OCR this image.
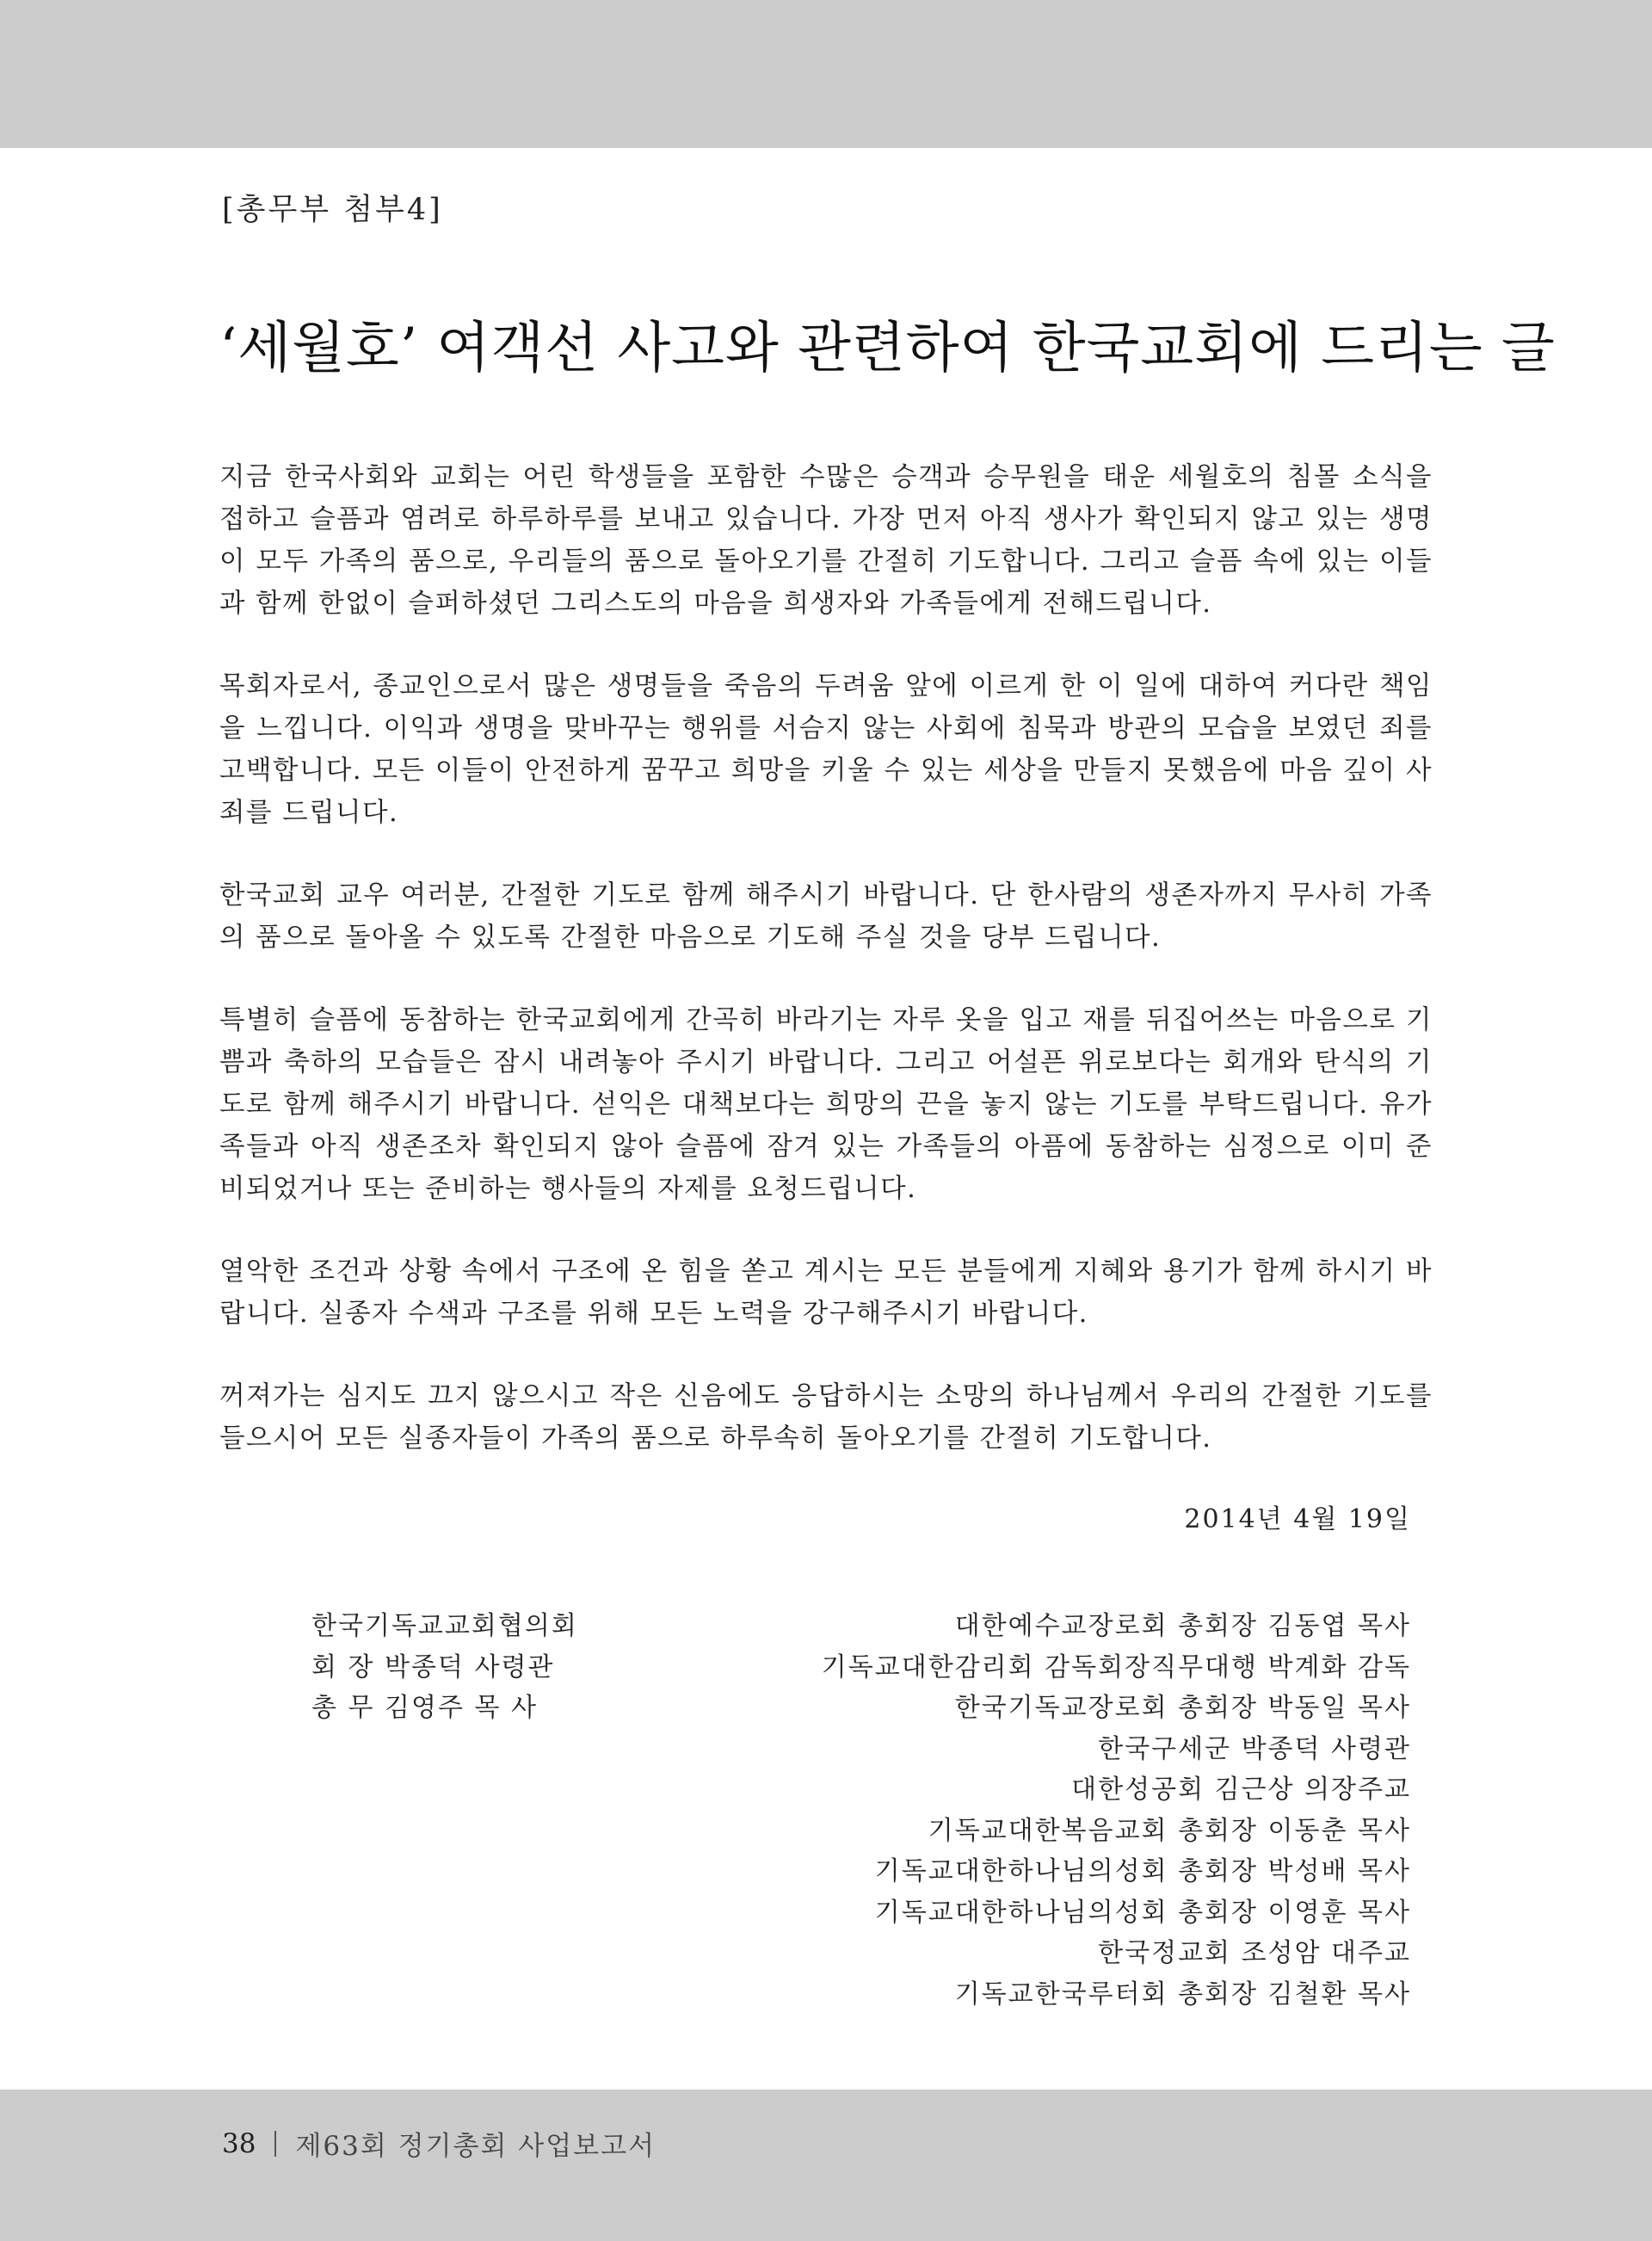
[총무부 첨부4]

‘세월호’ 여객선 사고와 관련하여 한국교회에 드리는 글

지금 한국사회와 교회는 어린 학생들을 포함한 수많은 승객과 승무원을 태운 세월호의 침몰 소식을 접하고 슬픔과 염려로 하루하루를 보내고 있습니다. 가장 먼저 아직 생사가 확인되지 않고 있는 생명이 모두 가족의 품으로, 우리들의 품으로 돌아오기를 간절히 기도합니다. 그리고 슬픔 속에 있는 이들과 함께 한없이 슬퍼하셨던 그리스도의 마음을 희생자와 가족들에게 전해드립니다.

목회자로서, 종교인으로서 많은 생명들을 죽음의 두려움 앞에 이르게 한 이 일에 대하여 커다란 책임을 느낍니다. 이익과 생명을 맞바꾸는 행위를 서슴지 않는 사회에 침묵과 방관의 모습을 보였던 죄를 고백합니다. 모든 이들이 안전하게 꿈꾸고 희망을 키울 수 있는 세상을 만들지 못했음에 마음 깊이 사죄를 드립니다.

한국교회 교우 여러분, 간절한 기도로 함께 해주시기 바랍니다. 단 한사람의 생존자까지 무사히 가족의 품으로 돌아올 수 있도록 간절한 마음으로 기도해 주실 것을 당부 드립니다.

특별히 슬픔에 동참하는 한국교회에게 간곡히 바라기는 자루 옷을 입고 재를 뒤집어쓰는 마음으로 기쁨과 축하의 모습들은 잠시 내려놓아 주시기 바랍니다. 그리고 어설픈 위로보다는 회개와 탄식의 기도로 함께 해주시기 바랍니다. 섣익은 대책보다는 희망의 끈을 놓지 않는 기도를 부탁드립니다. 유가족들과 아직 생존조차 확인되지 않아 슬픔에 잠겨 있는 가족들의 아픔에 동참하는 심정으로 이미 준비되었거나 또는 준비하는 행사들의 자제를 요청드립니다.

열악한 조건과 상황 속에서 구조에 온 힘을 쏟고 계시는 모든 분들에게 지혜와 용기가 함께 하시기 바랍니다. 실종자 수색과 구조를 위해 모든 노력을 강구해주시기 바랍니다.

꺼져가는 심지도 끄지 않으시고 작은 신음에도 응답하시는 소망의 하나님께서 우리의 간절한 기도를 들으시어 모든 실종자들이 가족의 품으로 하루속히 돌아오기를 간절히 기도합니다.

2014년 4월 19일
한국기독교교회협의회
회 장 박종덕 사령관
총 무 김영주 목 사
대한예수교장로회 총회장 김동엽 목사
기독교대한감리회 감독회장직무대행 박계화 감독
한국기독교장로회 총회장 박동일 목사
한국구세군 박종덕 사령관
대한성공회 김근상 의장주교
기독교대한복음교회 총회장 이동춘 목사
기독교대한하나님의성회 총회장 박성배 목사
기독교대한하나님의성회 총회장 이영훈 목사
한국정교회 조성암 대주교
기독교한국루터회 총회장 김철환 목사
38 제63회 정기총회 사업보고서
